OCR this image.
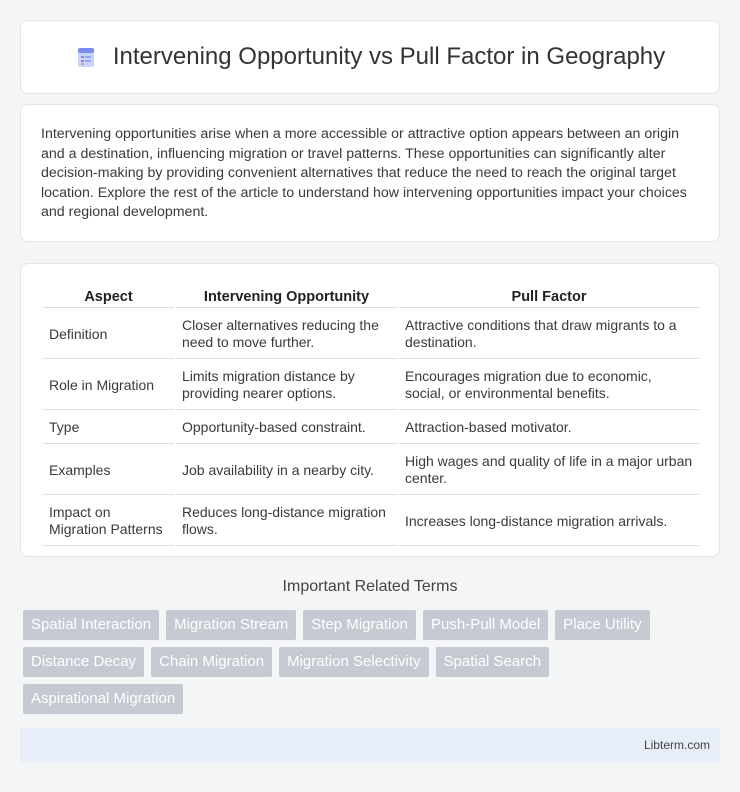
Intervening Opportunity vs Pull Factor in Geography

Intervening opportunities arise when a more accessible or attractive option appears between an origin and a destination, influencing migration or travel patterns. These opportunities can significantly alter decision-making by providing convenient alternatives that reduce the need to reach the original target location. Explore the rest of the article to understand how intervening opportunities impact your choices and regional development.

Aspect	Intervening Opportunity	Pull Factor
Definition	Closer alternatives reducing the need to move further.	Attractive conditions that draw migrants to a destination.
Role in Migration	Limits migration distance by providing nearer options.	Encourages migration due to economic, social, or environmental benefits.
Type	Opportunity-based constraint.	Attraction-based motivator.
Examples	Job availability in a nearby city.	High wages and quality of life in a major urban center.
Impact on Migration Patterns	Reduces long-distance migration flows.	Increases long-distance migration arrivals.
Important Related Terms
Spatial Interaction	Migration Stream	Step Migration	Push-Pull Model	Place Utility
Distance Decay	Chain Migration	Migration Selectivity	Spatial Search
Aspirational Migration
Libterm.com
